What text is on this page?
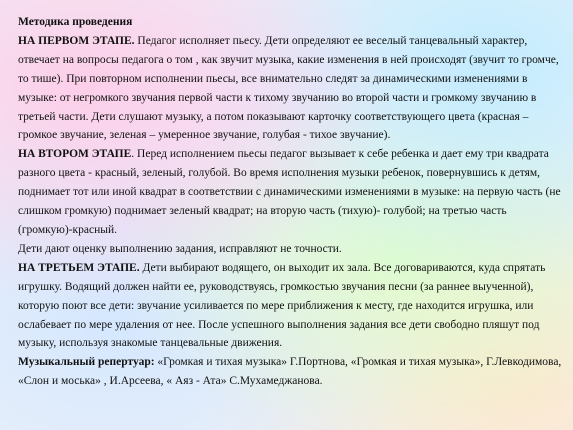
Методика проведения

НА ПЕРВОМ ЭТАПЕ. Педагог исполняет пьесу. Дети определяют ее веселый танцевальный характер, отвечает на вопросы педагога о том , как звучит музыка, какие изменения в ней происходят (звучит то громче, то тише). При повторном исполнении пьесы, все внимательно следят за динамическими изменениями в музыке: от негромкого звучания первой части к тихому звучанию во второй части и громкому звучанию в третьей части. Дети слушают музыку, а потом показывают карточку соответствующего цвета (красная – громкое звучание, зеленая – умеренное звучание, голубая - тихое звучание).

НА ВТОРОМ ЭТАПЕ. Перед исполнением пьесы педагог вызывает к себе ребенка и дает ему три квадрата разного цвета - красный, зеленый, голубой. Во время исполнения музыки ребенок, повернувшись к детям, поднимает тот или иной квадрат в соответствии с динамическими изменениями в музыке: на первую часть (не слишком громкую) поднимает зеленый квадрат; на вторую часть (тихую)- голубой; на третью часть (громкую)-красный.

Дети дают оценку выполнению задания, исправляют не точности.

НА ТРЕТЬЕМ ЭТАПЕ. Дети выбирают водящего, он выходит их зала. Все договариваются, куда спрятать игрушку. Водящий должен найти ее, руководствуясь, громкостью звучания песни (за раннее выученной), которую поют все дети: звучание усиливается по мере приближения к месту, где находится игрушка, или ослабевает по мере удаления от нее. После успешного выполнения задания все дети свободно пляшут под музыку, используя знакомые танцевальные движения.

Музыкальный репертуар: «Громкая и тихая музыка» Г.Портнова, «Громкая и тихая музыка», Г.Левкодимова, «Слон и моська» , И.Арсеева, « Аяз - Ата» С.Мухамеджанова.
